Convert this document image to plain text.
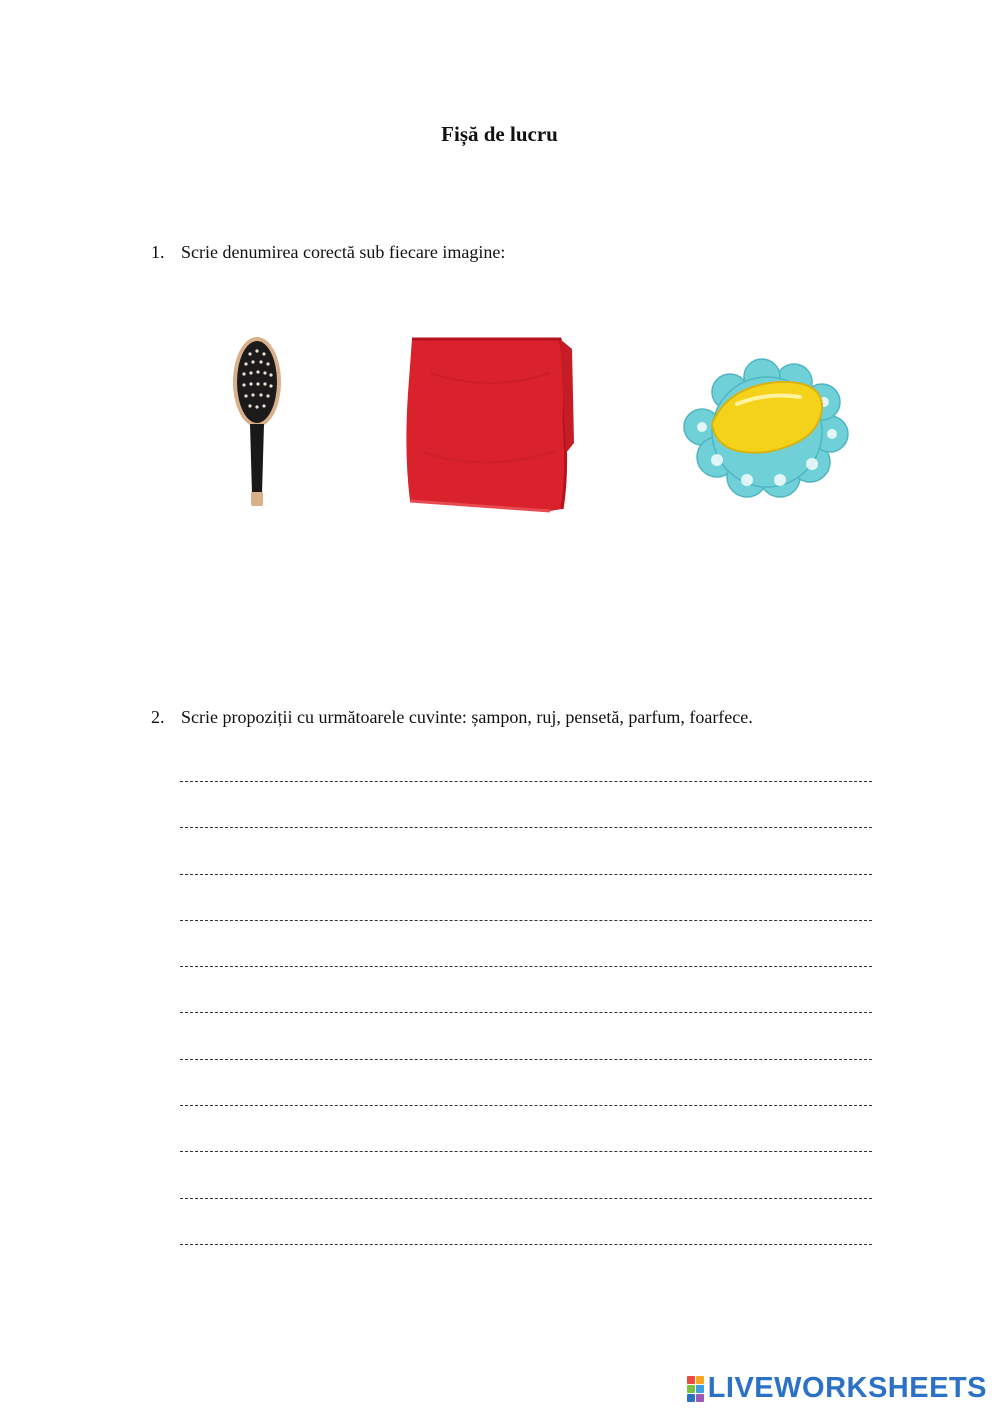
Fișă de lucru
1. Scrie denumirea corectă sub fiecare imagine:
2. Scrie propoziții cu următoarele cuvinte: șampon, ruj, pensetă, parfum, foarfece.
LIVEWORKSHEETS
